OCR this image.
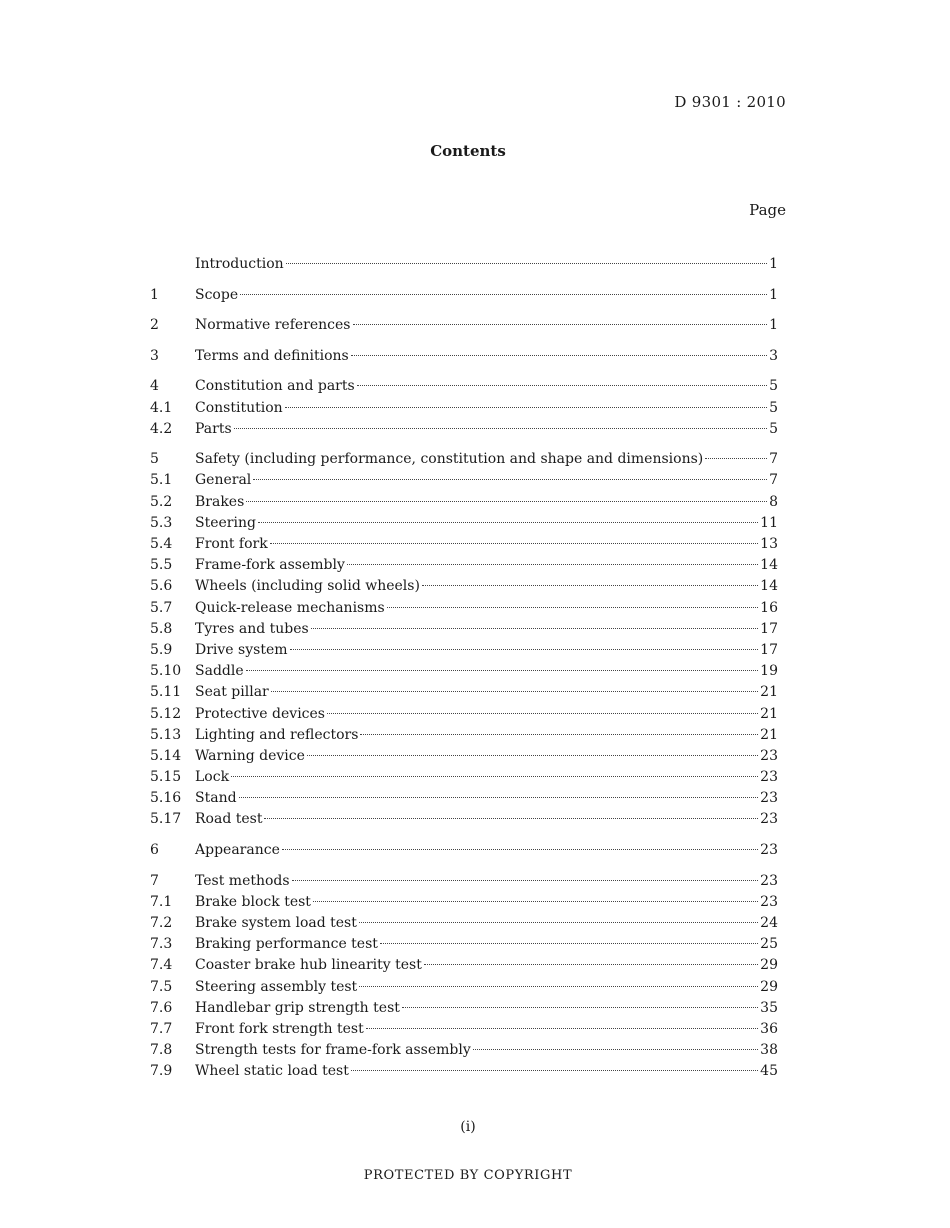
D 9301 : 2010
Contents
Page
Introduction	1
1	Scope	1
2	Normative references	1
3	Terms and definitions	3
4	Constitution and parts	5
4.1	Constitution	5
4.2	Parts	5
5	Safety (including performance, constitution and shape and dimensions)	7
5.1	General	7
5.2	Brakes	8
5.3	Steering	11
5.4	Front fork	13
5.5	Frame-fork assembly	14
5.6	Wheels (including solid wheels)	14
5.7	Quick-release mechanisms	16
5.8	Tyres and tubes	17
5.9	Drive system	17
5.10 Saddle	19
5.11 Seat pillar	21
5.12 Protective devices	21
5.13 Lighting and reflectors	21
5.14 Warning device	23
5.15 Lock	23
5.16 Stand	23
5.17 Road test	23
6	Appearance	23
7	Test methods	23
7.1	Brake block test	23
7.2	Brake system load test	24
7.3	Braking performance test	25
7.4	Coaster brake hub linearity test	29
7.5	Steering assembly test	29
7.6	Handlebar grip strength test	35
7.7	Front fork strength test	36
7.8	Strength tests for frame-fork assembly	38
7.9	Wheel static load test	45
(i)
PROTECTED BY COPYRIGHT
